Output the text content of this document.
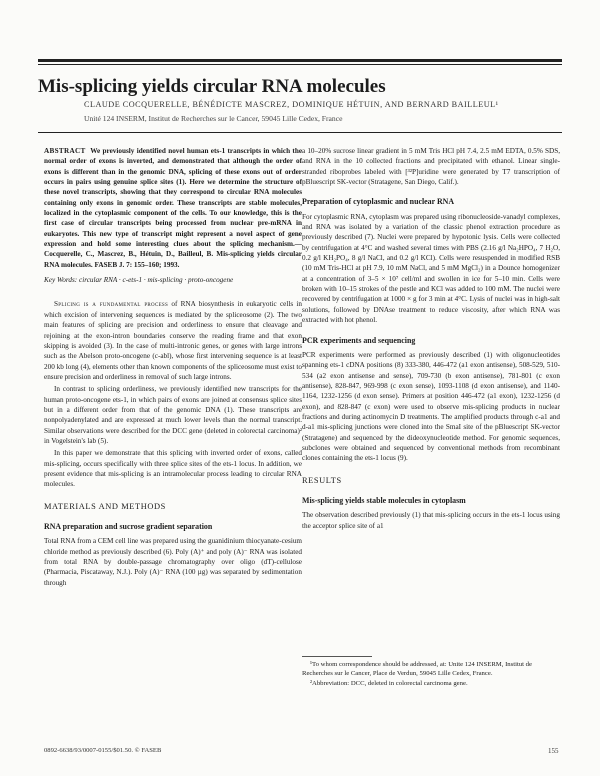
Mis-splicing yields circular RNA molecules
CLAUDE COCQUERELLE, BÉNÉDICTE MASCREZ, DOMINIQUE HÉTUIN, AND BERNARD BAILLEUL¹
Unité 124 INSERM, Institut de Recherches sur le Cancer, 59045 Lille Cedex, France

ABSTRACT We previously identified novel human ets-1 transcripts in which the normal order of exons is inverted, and demonstrated that although the order of exons is different than in the genomic DNA, splicing of these exons out of order occurs in pairs using genuine splice sites (1). Here we determine the structure of these novel transcripts, showing that they correspond to circular RNA molecules containing only exons in genomic order. These transcripts are stable molecules, localized in the cytoplasmic component of the cells. To our knowledge, this is the first case of circular transcripts being processed from nuclear pre-mRNA in eukaryotes. This new type of transcript might represent a novel aspect of gene expression and hold some interesting clues about the splicing mechanism.—Cocquerelle, C., Mascrez, B., Hétuin, D., Bailleul, B. Mis-splicing yields circular RNA molecules. FASEB J. 7: 155–160; 1993.

Key Words: circular RNA · c-ets-1 · mis-splicing · proto-oncogene

Splicing is a fundamental process of RNA biosynthesis in eukaryotic cells in which excision of intervening sequences is mediated by the spliceosome (2). The two main features of splicing are precision and orderliness to ensure that cleavage and rejoining at the exon-intron boundaries conserve the reading frame and that exon skipping is avoided (3). In the case of multi-intronic genes, or genes with large introns such as the Abelson proto-oncogene (c-abl), whose first intervening sequence is at least 200 kb long (4), elements other than known components of the spliceosome must exist to ensure precision and orderliness in removal of such large introns.

In contrast to splicing orderliness, we previously identified new transcripts for the human proto-oncogene ets-1, in which pairs of exons are joined at consensus splice sites but in a different order from that of the genomic DNA (1). These transcripts are nonpolyadenylated and are expressed at much lower levels than the normal transcript. Similar observations were described for the DCC gene (deleted in colorectal carcinoma)² in Vogelstein's lab (5).

In this paper we demonstrate that this splicing with inverted order of exons, called mis-splicing, occurs specifically with three splice sites of the ets-1 locus. In addition, we present evidence that mis-splicing is an intramolecular process leading to circular RNA molecules.

MATERIALS AND METHODS
RNA preparation and sucrose gradient separation

Total RNA from a CEM cell line was prepared using the guanidinium thiocyanate-cesium chloride method as previously described (6). Poly (A)⁺ and poly (A)⁻ RNA was isolated from total RNA by double-passage chromatography over oligo (dT)-cellulose (Pharmacia, Piscataway, N.J.). Poly (A)⁻ RNA (100 µg) was separated by sedimentation through

a 10–20% sucrose linear gradient in 5 mM Tris HCl pH 7.4, 2.5 mM EDTA, 0.5% SDS, and RNA in the 10 collected fractions and precipitated with ethanol. Linear single-stranded riboprobes labeled with [³²P]uridine were generated by T7 transcription of pBluescript SK-vector (Stratagene, San Diego, Calif.).

Preparation of cytoplasmic and nuclear RNA

For cytoplasmic RNA, cytoplasm was prepared using ribonucleoside-vanadyl complexes, and RNA was isolated by a variation of the classic phenol extraction procedure as previously described (7). Nuclei were prepared by hypotonic lysis. Cells were collected by centrifugation at 4°C and washed several times with PBS (2.16 g/l Na₂HPO₄, 7 H₂O, 0.2 g/l KH₂PO₄, 8 g/l NaCl, and 0.2 g/l KCl). Cells were resuspended in modified RSB (10 mM Tris-HCl at pH 7.9, 10 mM NaCl, and 5 mM MgCl₂) in a Dounce homogenizer at a concentration of 3–5 × 10⁷ cell/ml and swollen in ice for 5–10 min. Cells were broken with 10–15 strokes of the pestle and KCl was added to 100 mM. The nuclei were recovered by centrifugation at 1000 × g for 3 min at 4°C. Lysis of nuclei was in high-salt solutions, followed by DNAse treatment to reduce viscosity, after which RNA was extracted with hot phenol.

PCR experiments and sequencing

PCR experiments were performed as previously described (1) with oligonucleotides spanning ets-1 cDNA positions (8) 333-380, 446-472 (a1 exon antisense), 508-529, 510-534 (a2 exon antisense and sense), 709-730 (b exon antisense), 781-801 (c exon antisense), 828-847, 969-998 (c exon sense), 1093-1108 (d exon antisense), and 1140-1164, 1232-1256 (d exon sense). Primers at position 446-472 (a1 exon), 1232-1256 (d exon), and 828-847 (c exon) were used to observe mis-splicing products in nuclear fractions and during actinomycin D treatments. The amplified products through c-a1 and d-a1 mis-splicing junctions were cloned into the SmaI site of the pBluescript SK-vector (Stratagene) and sequenced by the dideoxynucleotide method. For genomic sequences, subclones were obtained and sequenced by conventional methods from recombinant clones containing the ets-1 locus (9).

RESULTS
Mis-splicing yields stable molecules in cytoplasm

The observation described previously (1) that mis-splicing occurs in the ets-1 locus using the acceptor splice site of a1

¹To whom correspondence should be addressed, at: Unite 124 INSERM, Institut de Recherches sur le Cancer, Place de Verdun, 59045 Lille Cedex, France.

²Abbreviation: DCC, deleted in colorectal carcinoma gene.

0892-6638/93/0007-0155/$01.50. © FASEB	155
